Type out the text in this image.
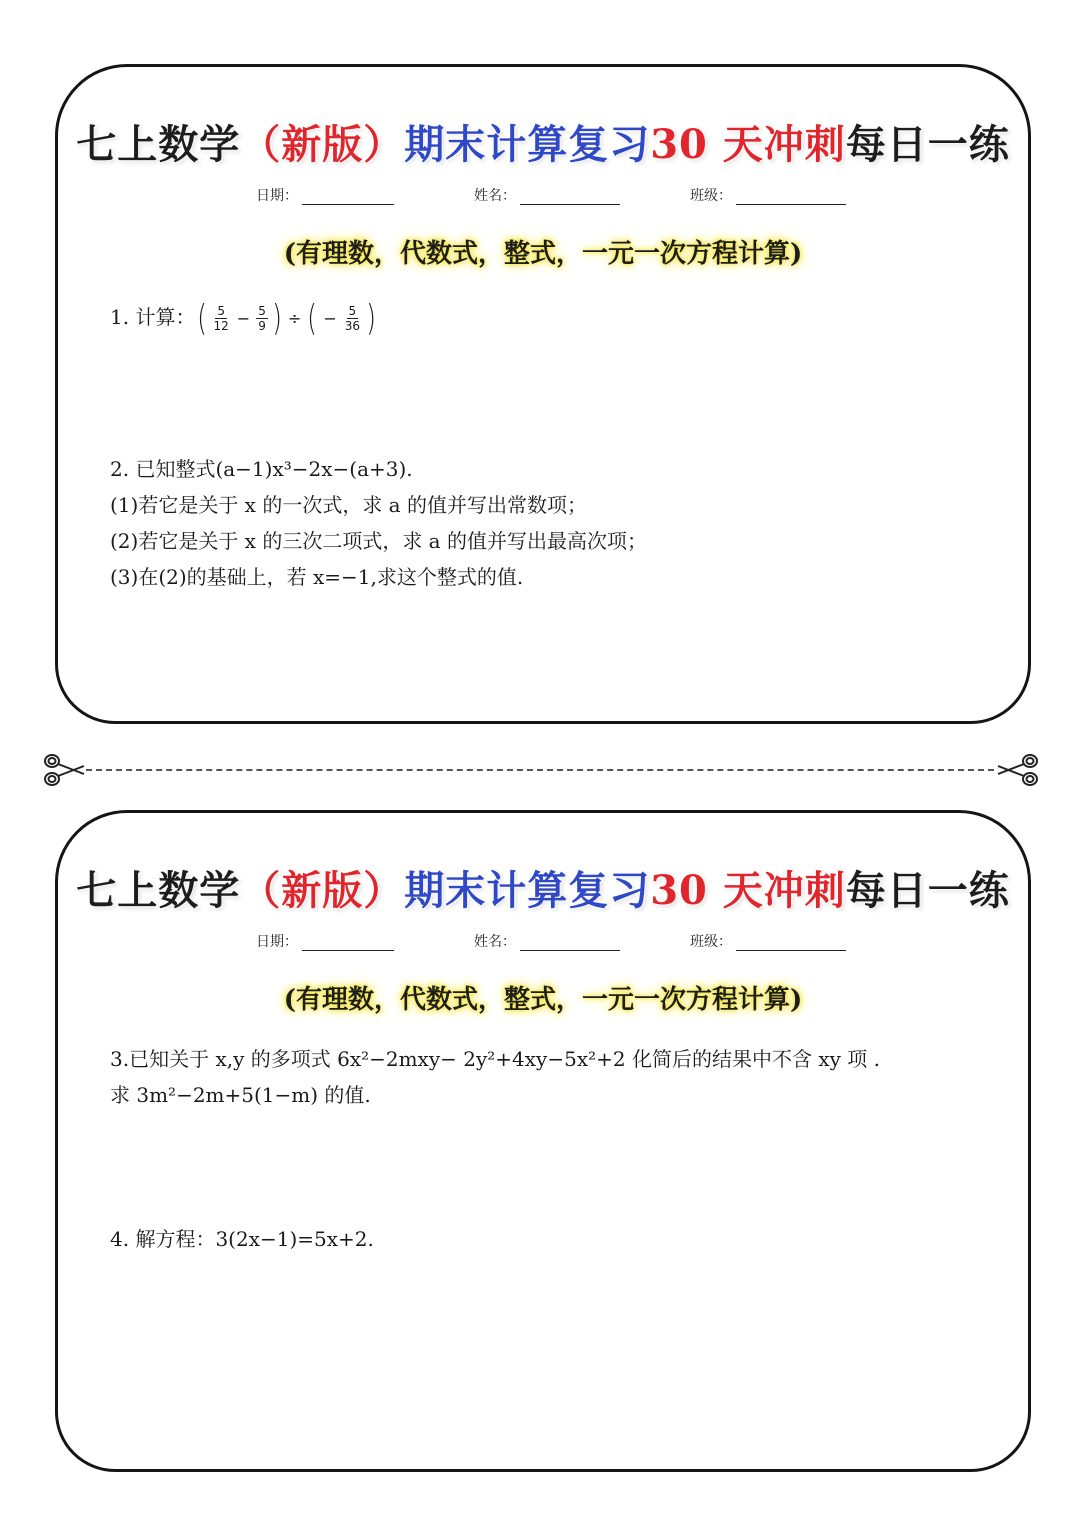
七上数学（新版）期末计算复习30 天冲刺每日一练
日期：	姓名：	班级：
(有理数，代数式，整式，一元一次方程计算)

1. 计算： ( $\frac{5}{12} - \frac{5}{9}$ ) ÷ ( − $\frac{5}{36}$ )

2. 已知整式(a−1)x³−2x−(a+3).

(1)若它是关于 x 的一次式，求 a 的值并写出常数项；

(2)若它是关于 x 的三次二项式，求 a 的值并写出最高次项；

(3)在(2)的基础上，若 x=−1,求这个整式的值.

七上数学（新版）期末计算复习30 天冲刺每日一练
日期：	姓名：	班级：
(有理数，代数式，整式，一元一次方程计算)

3.已知关于 x,y 的多项式 6x²−2mxy− 2y²+4xy−5x²+2 化简后的结果中不含 xy 项 .

求 3m²−2m+5(1−m) 的值.

4. 解方程：3(2x−1)=5x+2.
